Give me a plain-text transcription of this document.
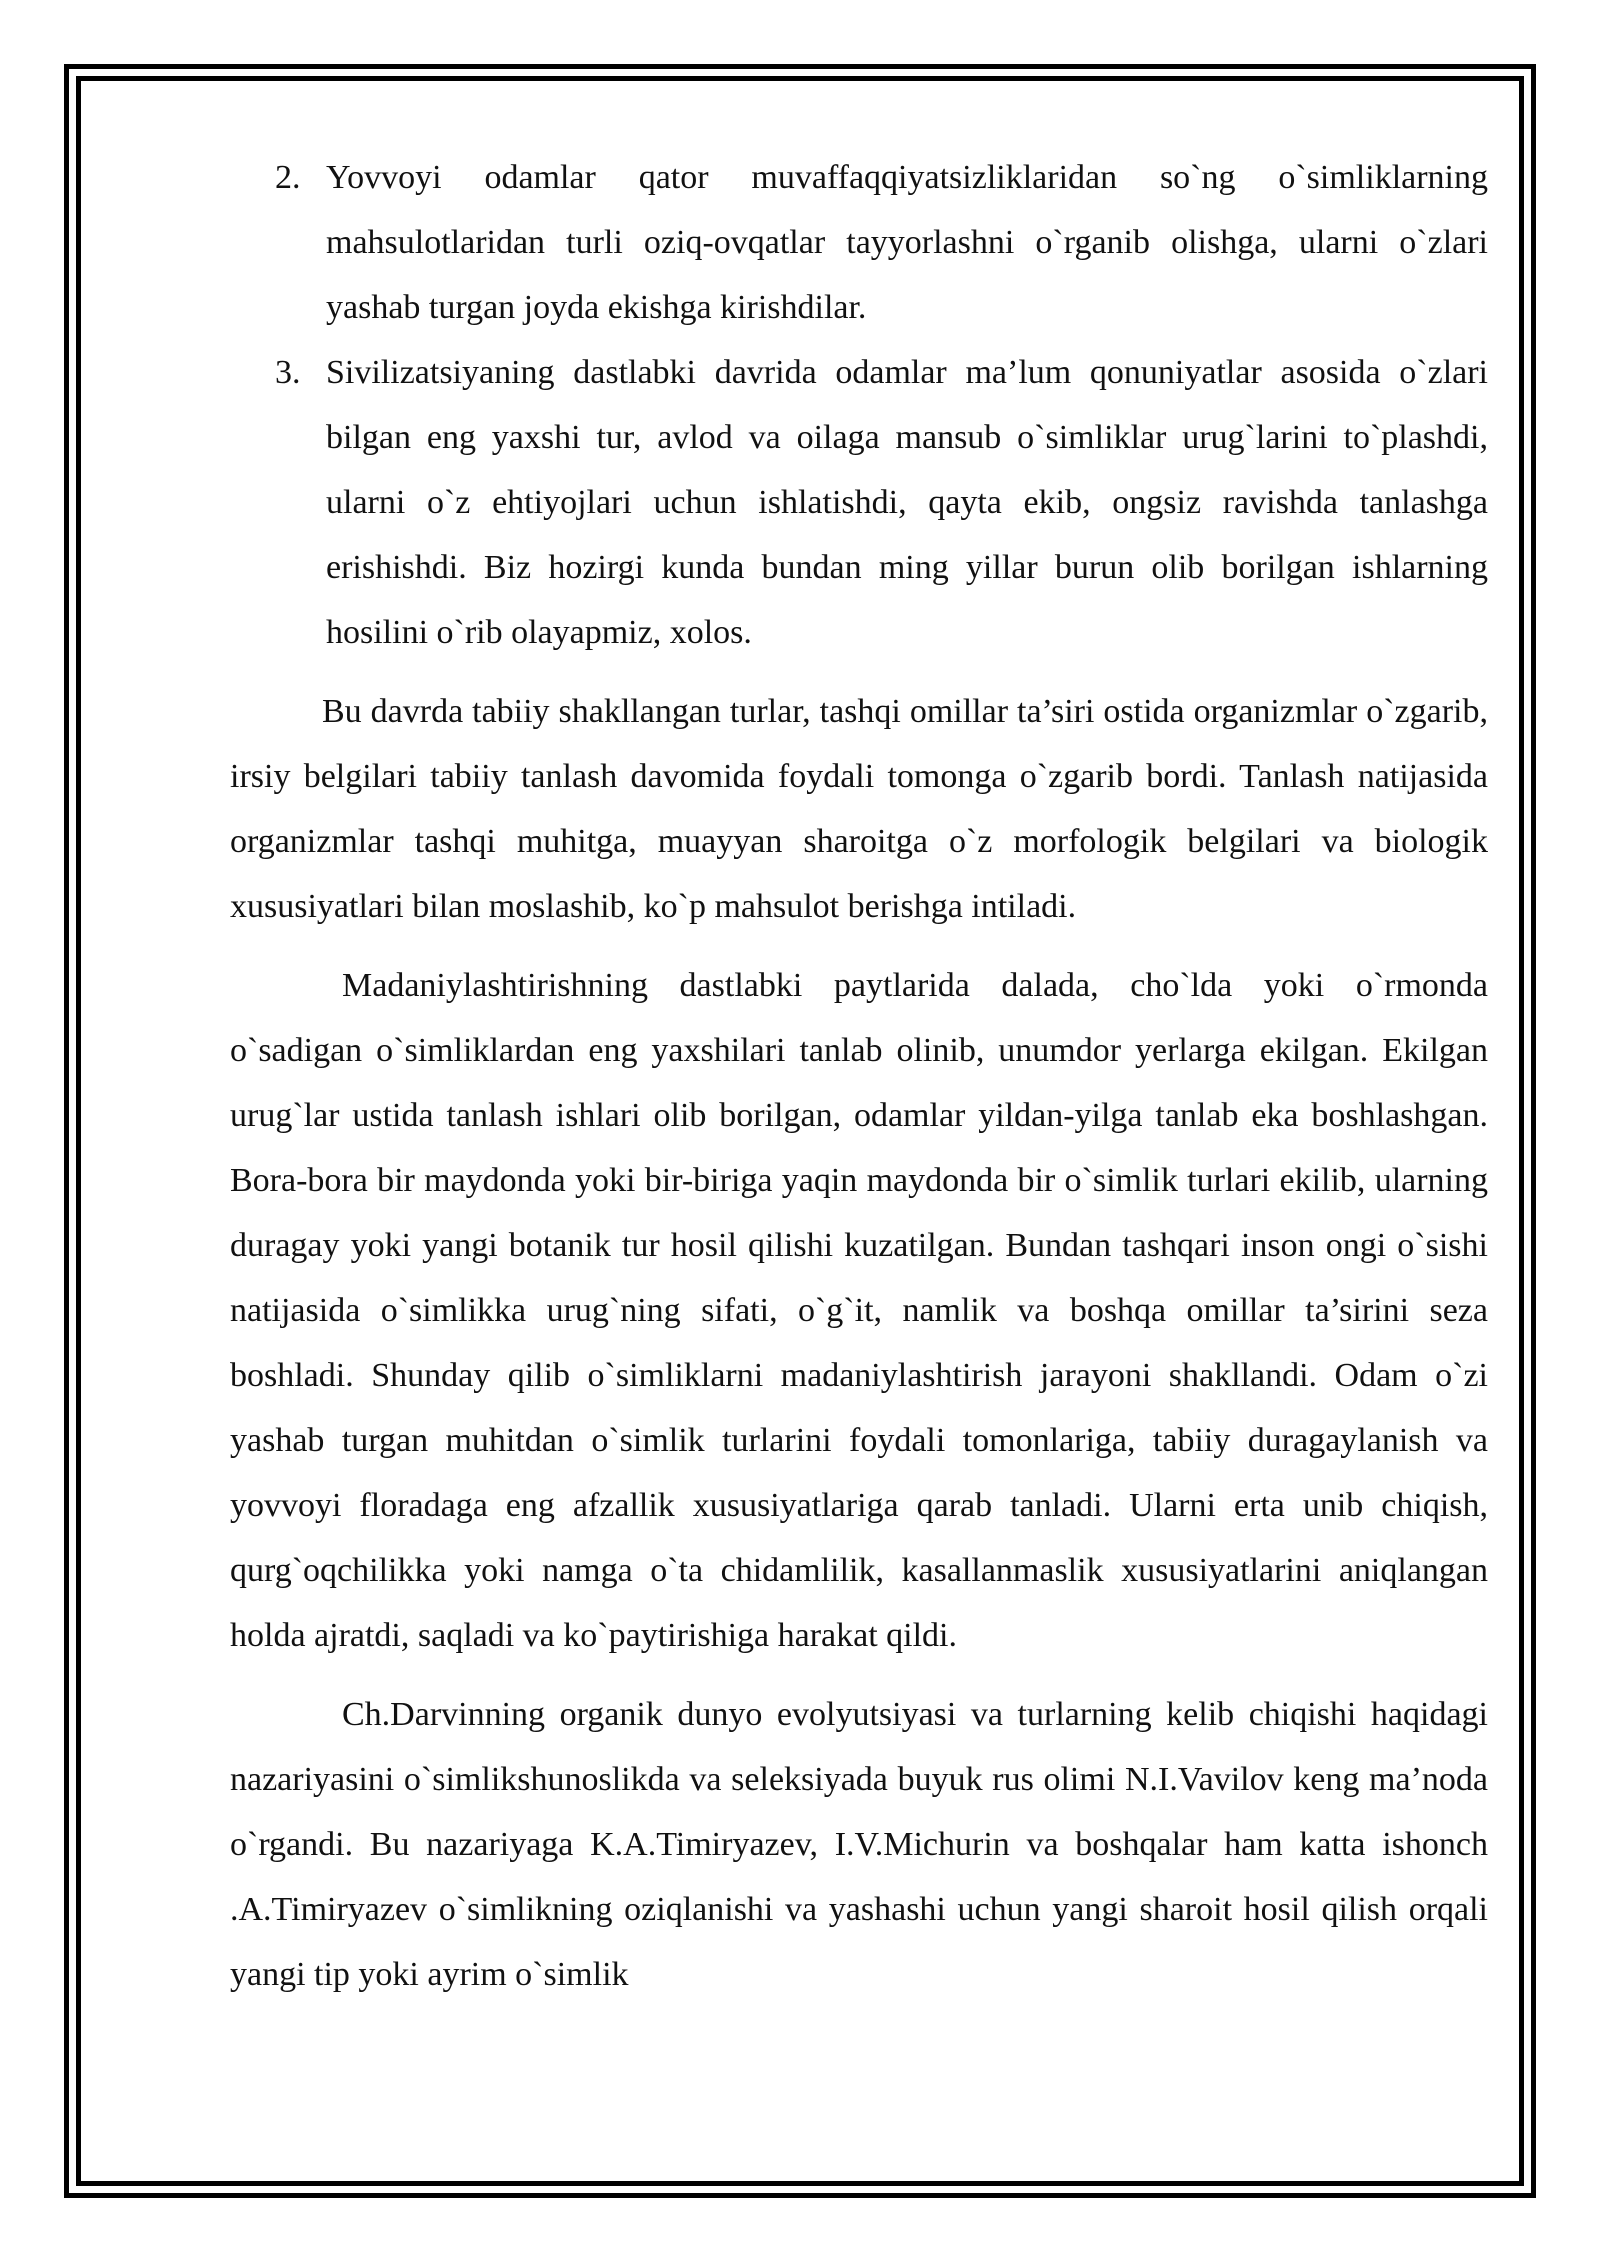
2. Yovvoyi odamlar qator muvaffaqqiyatsizliklaridan so`ng o`simliklarning mahsulotlaridan turli oziq-ovqatlar tayyorlashni o`rganib olishga, ularni o`zlari yashab turgan joyda ekishga kirishdilar.
3. Sivilizatsiyaning dastlabki davrida odamlar ma’lum qonuniyatlar asosida o`zlari bilgan eng yaxshi tur, avlod va oilaga mansub o`simliklar urug`larini to`plashdi, ularni o`z ehtiyojlari uchun ishlatishdi, qayta ekib, ongsiz ravishda tanlashga erishishdi. Biz hozirgi kunda bundan ming yillar burun olib borilgan ishlarning hosilini o`rib olayapmiz, xolos.

Bu davrda tabiiy shakllangan turlar, tashqi omillar ta’siri ostida organizmlar o`zgarib, irsiy belgilari tabiiy tanlash davomida foydali tomonga o`zgarib bordi. Tanlash natijasida organizmlar tashqi muhitga, muayyan sharoitga o`z morfologik belgilari va biologik xususiyatlari bilan moslashib, ko`p mahsulot berishga intiladi.

Madaniylashtirishning dastlabki paytlarida dalada, cho`lda yoki o`rmonda o`sadigan o`simliklardan eng yaxshilari tanlab olinib, unumdor yerlarga ekilgan. Ekilgan urug`lar ustida tanlash ishlari olib borilgan, odamlar yildan-yilga tanlab eka boshlashgan. Bora-bora bir maydonda yoki bir-biriga yaqin maydonda bir o`simlik turlari ekilib, ularning duragay yoki yangi botanik tur hosil qilishi kuzatilgan. Bundan tashqari inson ongi o`sishi natijasida o`simlikka urug`ning sifati, o`g`it, namlik va boshqa omillar ta’sirini seza boshladi. Shunday qilib o`simliklarni madaniylashtirish jarayoni shakllandi. Odam o`zi yashab turgan muhitdan o`simlik turlarini foydali tomonlariga, tabiiy duragaylanish va yovvoyi floradaga eng afzallik xususiyatlariga qarab tanladi. Ularni erta unib chiqish, qurg`oqchilikka yoki namga o`ta chidamlilik, kasallanmaslik xususiyatlarini aniqlangan holda ajratdi, saqladi va ko`paytirishiga harakat qildi.

Ch.Darvinning organik dunyo evolyutsiyasi va turlarning kelib chiqishi haqidagi nazariyasini o`simlikshunoslikda va seleksiyada buyuk rus olimi N.I.Vavilov keng ma’noda o`rgandi. Bu nazariyaga K.A.Timiryazev, I.V.Michurin va boshqalar ham katta ishonch .A.Timiryazev o`simlikning oziqlanishi va yashashi uchun yangi sharoit hosil qilish orqali yangi tip yoki ayrim o`simlik
